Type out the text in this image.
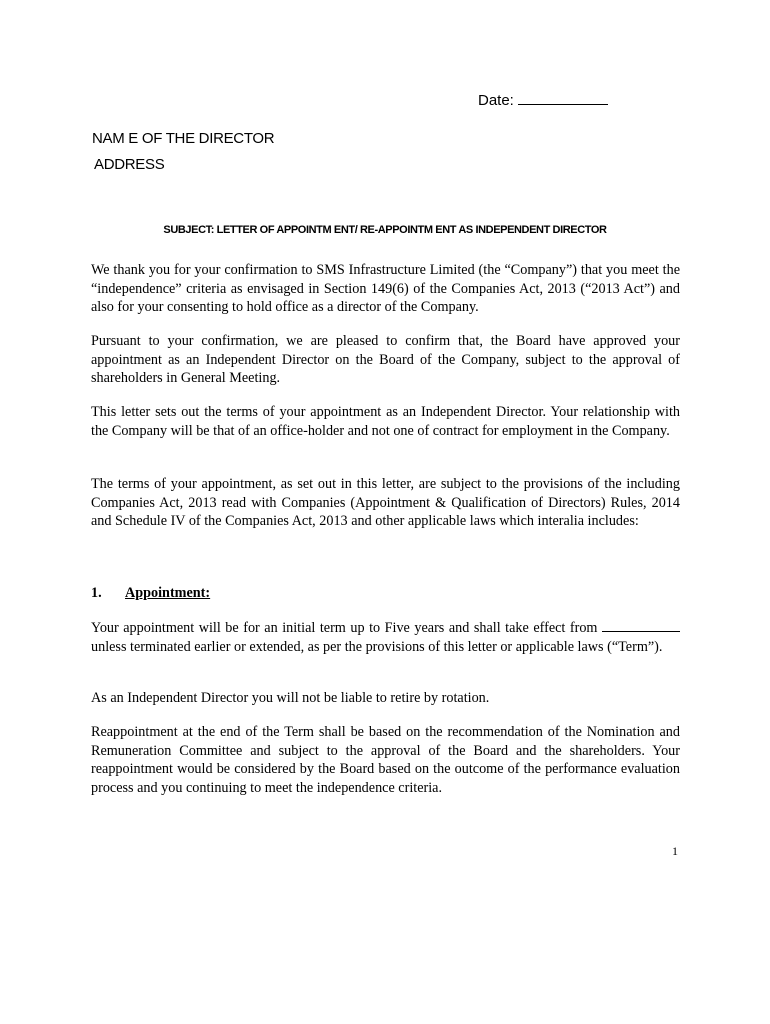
Date:
NAM E OF THE DIRECTOR
ADDRESS
SUBJECT: LETTER OF APPOINTM ENT/ RE-APPOINTM ENT AS INDEPENDENT DIRECTOR

We thank you for your confirmation to SMS Infrastructure Limited (the “Company”) that you meet the “independence” criteria as envisaged in Section 149(6) of the Companies Act, 2013 (“2013 Act”) and also for your consenting to hold office as a director of the Company.

Pursuant to your confirmation, we are pleased to confirm that, the Board have approved your appointment as an Independent Director on the Board of the Company, subject to the approval of shareholders in General Meeting.

This letter sets out the terms of your appointment as an Independent Director. Your relationship with the Company will be that of an office-holder and not one of contract for employment in the Company.

The terms of your appointment, as set out in this letter, are subject to the provisions of the including Companies Act, 2013 read with Companies (Appointment & Qualification of Directors) Rules, 2014 and Schedule IV of the Companies Act, 2013 and other applicable laws which interalia includes:

1. Appointment:

Your appointment will be for an initial term up to Five years and shall take effect from unless terminated earlier or extended, as per the provisions of this letter or applicable laws (“Term”).

As an Independent Director you will not be liable to retire by rotation.

Reappointment at the end of the Term shall be based on the recommendation of the Nomination and Remuneration Committee and subject to the approval of the Board and the shareholders. Your reappointment would be considered by the Board based on the outcome of the performance evaluation process and you continuing to meet the independence criteria.

1
